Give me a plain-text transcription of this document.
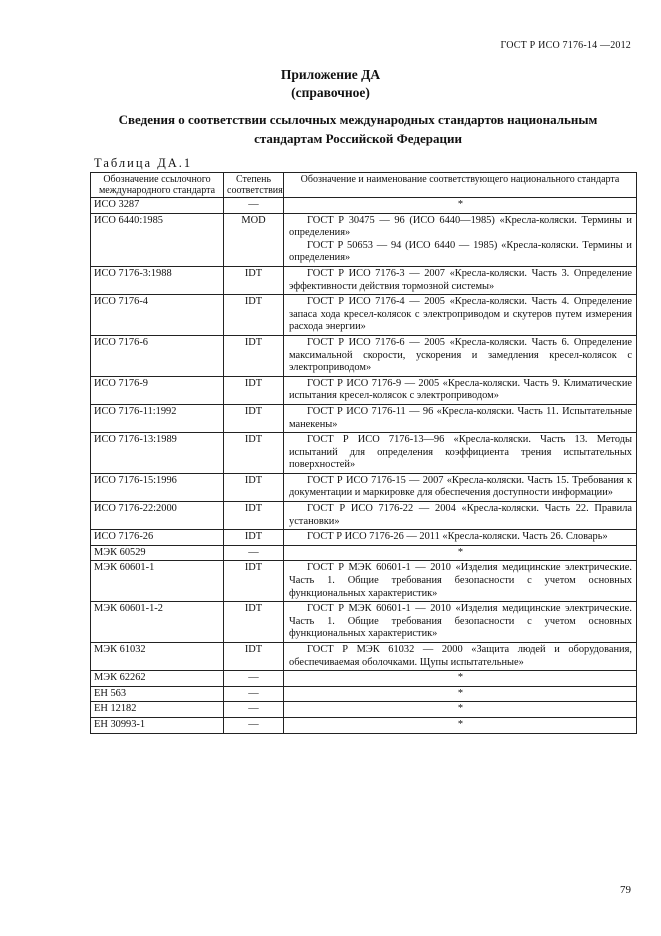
ГОСТ Р ИСО 7176-14 —2012
Приложение ДА
(справочное)
Сведения о соответствии ссылочных международных стандартов национальным стандартам Российской Федерации
Таблица ДА.1
Обозначение ссылочного международного стандарта	Степень соответствия	Обозначение и наименование соответствующего национального стандарта
ИСО 3287	—	*
ИСО 6440:1985	MOD	ГОСТ Р 30475 — 96 (ИСО 6440—1985) «Кресла-коляски. Термины и определения»
ГОСТ Р 50653 — 94 (ИСО 6440 — 1985) «Кресла-коляски. Термины и определения»

ИСО 7176-3:1988	IDT	ГОСТ Р ИСО 7176-3 — 2007 «Кресла-коляски. Часть 3. Определение эффективности действия тормозной системы»

ИСО 7176-4	IDT	ГОСТ Р ИСО 7176-4 — 2005 «Кресла-коляски. Часть 4. Определение запаса хода кресел-колясок с электроприводом и скутеров путем измерения расхода энергии»

ИСО 7176-6	IDT	ГОСТ Р ИСО 7176-6 — 2005 «Кресла-коляски. Часть 6. Определение максимальной скорости, ускорения и замедления кресел-колясок с электроприводом»

ИСО 7176-9	IDT	ГОСТ Р ИСО 7176-9 — 2005 «Кресла-коляски. Часть 9. Климатические испытания кресел-колясок с электроприводом»

ИСО 7176-11:1992	IDT	ГОСТ Р ИСО 7176-11 — 96 «Кресла-коляски. Часть 11. Испытательные манекены»

ИСО 7176-13:1989	IDT	ГОСТ Р ИСО 7176-13—96 «Кресла-коляски. Часть 13. Методы испытаний для определения коэффициента трения испытательных поверхностей»

ИСО 7176-15:1996	IDT	ГОСТ Р ИСО 7176-15 — 2007 «Кресла-коляски. Часть 15. Требования к документации и маркировке для обеспечения доступности информации»

ИСО 7176-22:2000	IDT	ГОСТ Р ИСО 7176-22 — 2004 «Кресла-коляски. Часть 22. Правила установки»

ИСО 7176-26	IDT	ГОСТ Р ИСО 7176-26 — 2011 «Кресла-коляски. Часть 26. Словарь»

МЭК 60529	—	*
МЭК 60601-1	IDT	ГОСТ Р МЭК 60601-1 — 2010 «Изделия медицинские электрические. Часть 1. Общие требования безопасности с учетом основных функциональных характеристик»

МЭК 60601-1-2	IDT	ГОСТ Р МЭК 60601-1 — 2010 «Изделия медицинские электрические. Часть 1. Общие требования безопасности с учетом основных функциональных характеристик»

МЭК 61032	IDT	ГОСТ Р МЭК 61032 — 2000 «Защита людей и оборудования, обеспечиваемая оболочками. Щупы испытательные»

МЭК 62262	—	*
ЕН 563	—	*
ЕН 12182	—	*
ЕН 30993-1	—	*
79
